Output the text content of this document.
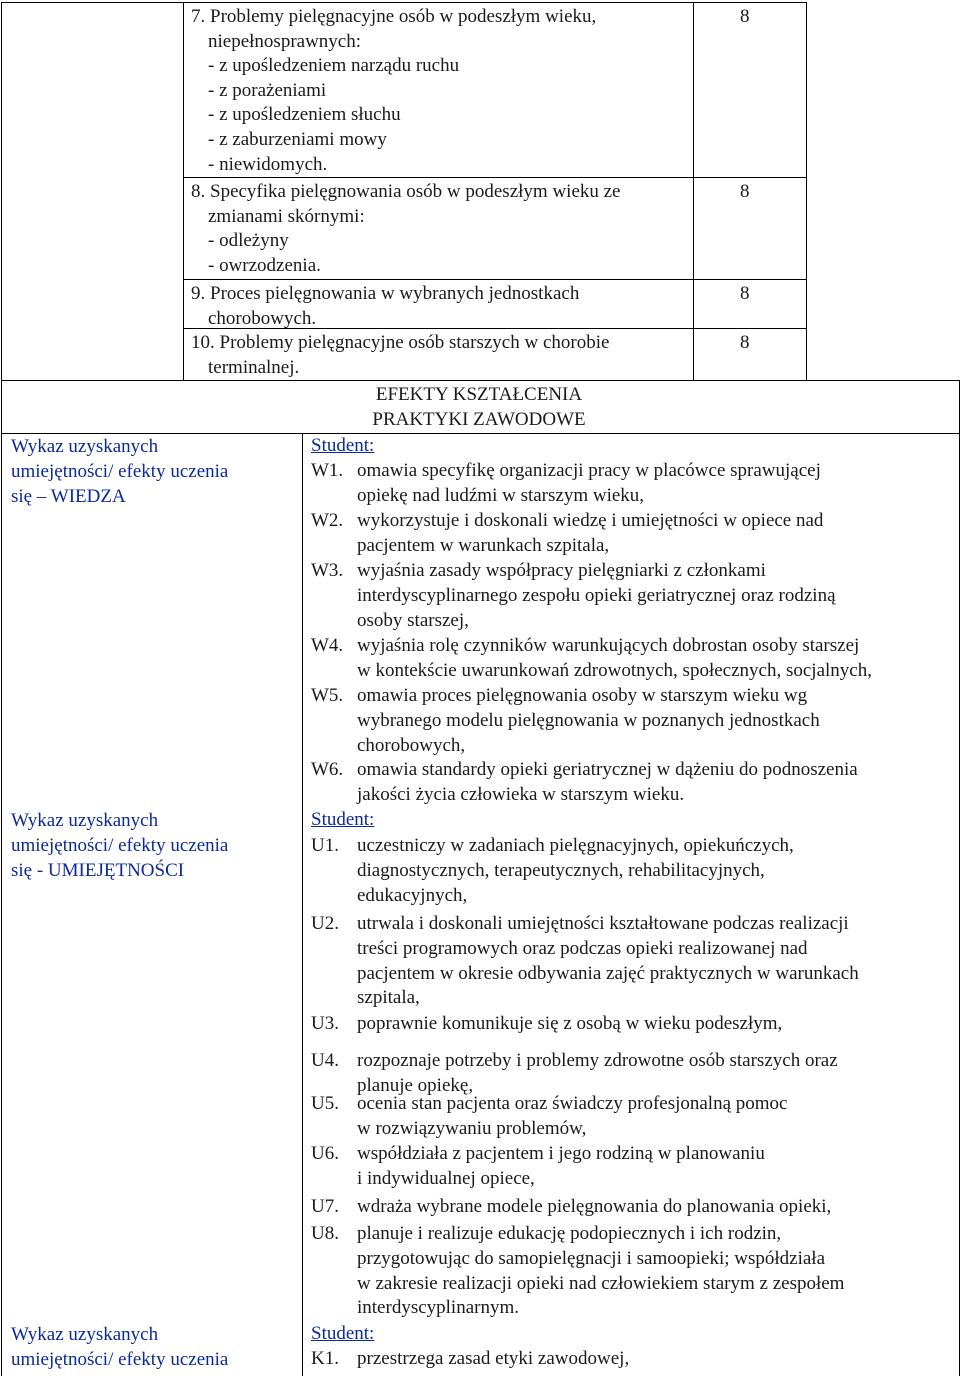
7. Problemy pielęgnacyjne osób w podeszłym wieku,
niepełnosprawnych:
- z upośledzeniem narządu ruchu
- z porażeniami
- z upośledzeniem słuchu
- z zaburzeniami mowy
- niewidomych.
8
8. Specyfika pielęgnowania osób w podeszłym wieku ze
zmianami skórnymi:
- odleżyny
- owrzodzenia.
8
9. Proces pielęgnowania w wybranych jednostkach
chorobowych.
8
10. Problemy pielęgnacyjne osób starszych w chorobie
terminalnej.
8
EFEKTY KSZTAŁCENIA
PRAKTYKI ZAWODOWE
Wykaz uzyskanych
umiejętności/ efekty uczenia
się – WIEDZA
Student:
W1. omawia specyfikę organizacji pracy w placówce sprawującej
opiekę nad ludźmi w starszym wieku,
W2. wykorzystuje i doskonali wiedzę i umiejętności w opiece nad
pacjentem w warunkach szpitala,
W3. wyjaśnia zasady współpracy pielęgniarki z członkami
interdyscyplinarnego zespołu opieki geriatrycznej oraz rodziną
osoby starszej,
W4. wyjaśnia rolę czynników warunkujących dobrostan osoby starszej
w kontekście uwarunkowań zdrowotnych, społecznych, socjalnych,
W5. omawia proces pielęgnowania osoby w starszym wieku wg
wybranego modelu pielęgnowania w poznanych jednostkach
chorobowych,
W6. omawia standardy opieki geriatrycznej w dążeniu do podnoszenia
jakości życia człowieka w starszym wieku.
Wykaz uzyskanych
umiejętności/ efekty uczenia
się - UMIEJĘTNOŚCI
Student:
U1. uczestniczy w zadaniach pielęgnacyjnych, opiekuńczych,
diagnostycznych, terapeutycznych, rehabilitacyjnych,
edukacyjnych,
U2. utrwala i doskonali umiejętności kształtowane podczas realizacji
treści programowych oraz podczas opieki realizowanej nad
pacjentem w okresie odbywania zajęć praktycznych w warunkach
szpitala,
U3. poprawnie komunikuje się z osobą w wieku podeszłym,
U4. rozpoznaje potrzeby i problemy zdrowotne osób starszych oraz
planuje opiekę,
U5. ocenia stan pacjenta oraz świadczy profesjonalną pomoc
w rozwiązywaniu problemów,
U6. współdziała z pacjentem i jego rodziną w planowaniu
i indywidualnej opiece,
U7. wdraża wybrane modele pielęgnowania do planowania opieki,
U8. planuje i realizuje edukację podopiecznych i ich rodzin,
przygotowując do samopielęgnacji i samoopieki; współdziała
w zakresie realizacji opieki nad człowiekiem starym z zespołem
interdyscyplinarnym.
Wykaz uzyskanych
umiejętności/ efekty uczenia
Student:
K1. przestrzega zasad etyki zawodowej,
